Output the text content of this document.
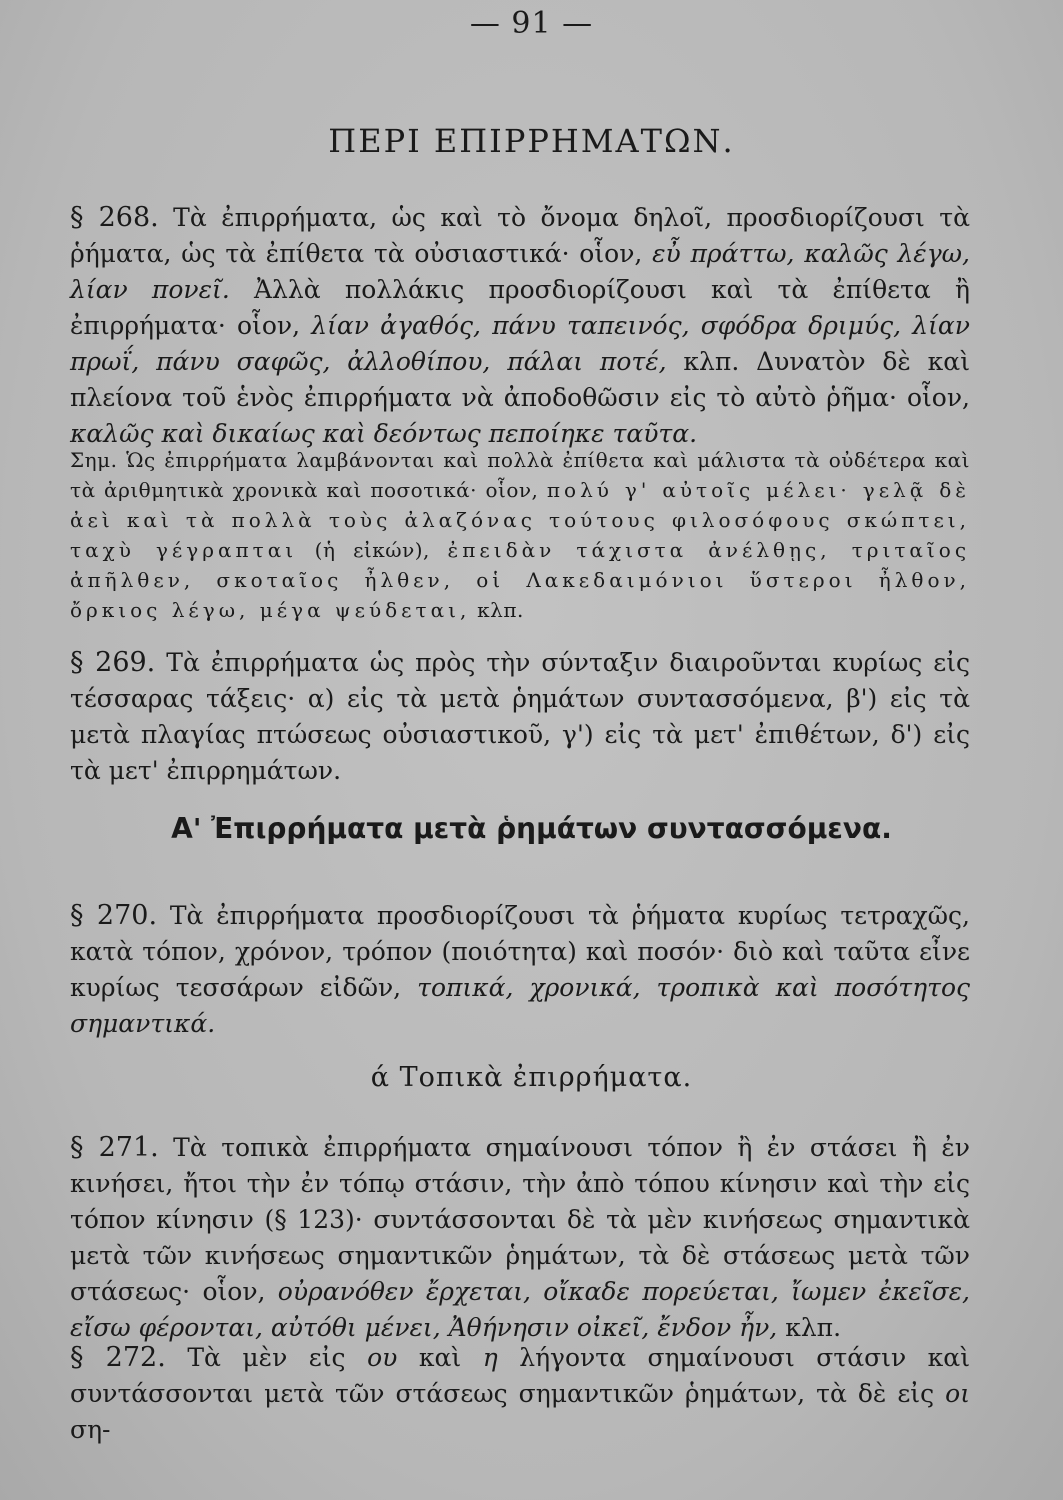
— 91 —
ΠΕΡΙ ΕΠΙΡΡΗΜΑΤΩΝ.
§ 268. Τὰ ἐπιρρήματα, ὡς καὶ τὸ ὄνομα δηλοῖ, προσδιορίζουσι τὰ ῥήματα, ὡς τὰ ἐπίθετα τὰ οὐσιαστικά· οἷον, εὖ πράττω, καλῶς λέγω, λίαν πονεῖ. Ἀλλὰ πολλάκις προσδιορίζουσι καὶ τὰ ἐπίθετα ἢ ἐπιρρήματα· οἷον, λίαν ἀγαθός, πάνυ ταπεινός, σφόδρα δριμύς, λίαν πρωΐ, πάνυ σαφῶς, ἀλλοθίπου, πάλαι ποτέ, κλπ. Δυνατὸν δὲ καὶ πλείονα τοῦ ἑνὸς ἐπιρρήματα νὰ ἀποδοθῶσιν εἰς τὸ αὐτὸ ῥῆμα· οἷον, καλῶς καὶ δικαίως καὶ δεόντως πεποίηκε ταῦτα.
Σημ. Ὡς ἐπιρρήματα λαμβάνονται καὶ πολλὰ ἐπίθετα καὶ μάλιστα τὰ οὐδέτερα καὶ τὰ ἀριθμητικὰ χρονικὰ καὶ ποσοτικά· οἷον, πολύ γ' αὐτοῖς μέλει· γελᾷ δὲ ἀεὶ καὶ τὰ πολλὰ τοὺς ἀλαζόνας τούτους φιλοσόφους σκώπτει, ταχὺ γέγραπται (ἡ εἰκών), ἐπειδὰν τάχιστα ἀνέλθῃς, τριταῖος ἀπῆλθεν, σκοταῖος ἦλθεν, οἱ Λακεδαιμόνιοι ὕστεροι ἦλθον, ὄρκιος λέγω, μέγα ψεύδεται, κλπ.
§ 269. Τὰ ἐπιρρήματα ὡς πρὸς τὴν σύνταξιν διαιροῦνται κυρίως εἰς τέσσαρας τάξεις· α) εἰς τὰ μετὰ ῥημάτων συντασσόμενα, β') εἰς τὰ μετὰ πλαγίας πτώσεως οὐσιαστικοῦ, γ') εἰς τὰ μετ' ἐπιθέτων, δ') εἰς τὰ μετ' ἐπιρρημάτων.
Α' Ἐπιρρήματα μετὰ ῥημάτων συντασσόμενα.
§ 270. Τὰ ἐπιρρήματα προσδιορίζουσι τὰ ῥήματα κυρίως τετραχῶς, κατὰ τόπον, χρόνον, τρόπον (ποιότητα) καὶ ποσόν· διὸ καὶ ταῦτα εἶνε κυρίως τεσσάρων εἰδῶν, τοπικά, χρονικά, τροπικὰ καὶ ποσότητος σημαντικά.
ά Τοπικὰ ἐπιρρήματα.
§ 271. Τὰ τοπικὰ ἐπιρρήματα σημαίνουσι τόπον ἢ ἐν στάσει ἢ ἐν κινήσει, ἤτοι τὴν ἐν τόπῳ στάσιν, τὴν ἀπὸ τόπου κίνησιν καὶ τὴν εἰς τόπον κίνησιν (§ 123)· συντάσσονται δὲ τὰ μὲν κινήσεως σημαντικὰ μετὰ τῶν κινήσεως σημαντικῶν ῥημάτων, τὰ δὲ στάσεως μετὰ τῶν στάσεως· οἷον, οὐρανόθεν ἔρχεται, οἴκαδε πορεύεται, ἴωμεν ἐκεῖσε, εἴσω φέρονται, αὐτόθι μένει, Ἀθήνησιν οἰκεῖ, ἔνδον ἦν, κλπ.
§ 272. Τὰ μὲν εἰς ου καὶ η λήγοντα σημαίνουσι στάσιν καὶ συντάσσονται μετὰ τῶν στάσεως σημαντικῶν ῥημάτων, τὰ δὲ εἰς οι ση-
